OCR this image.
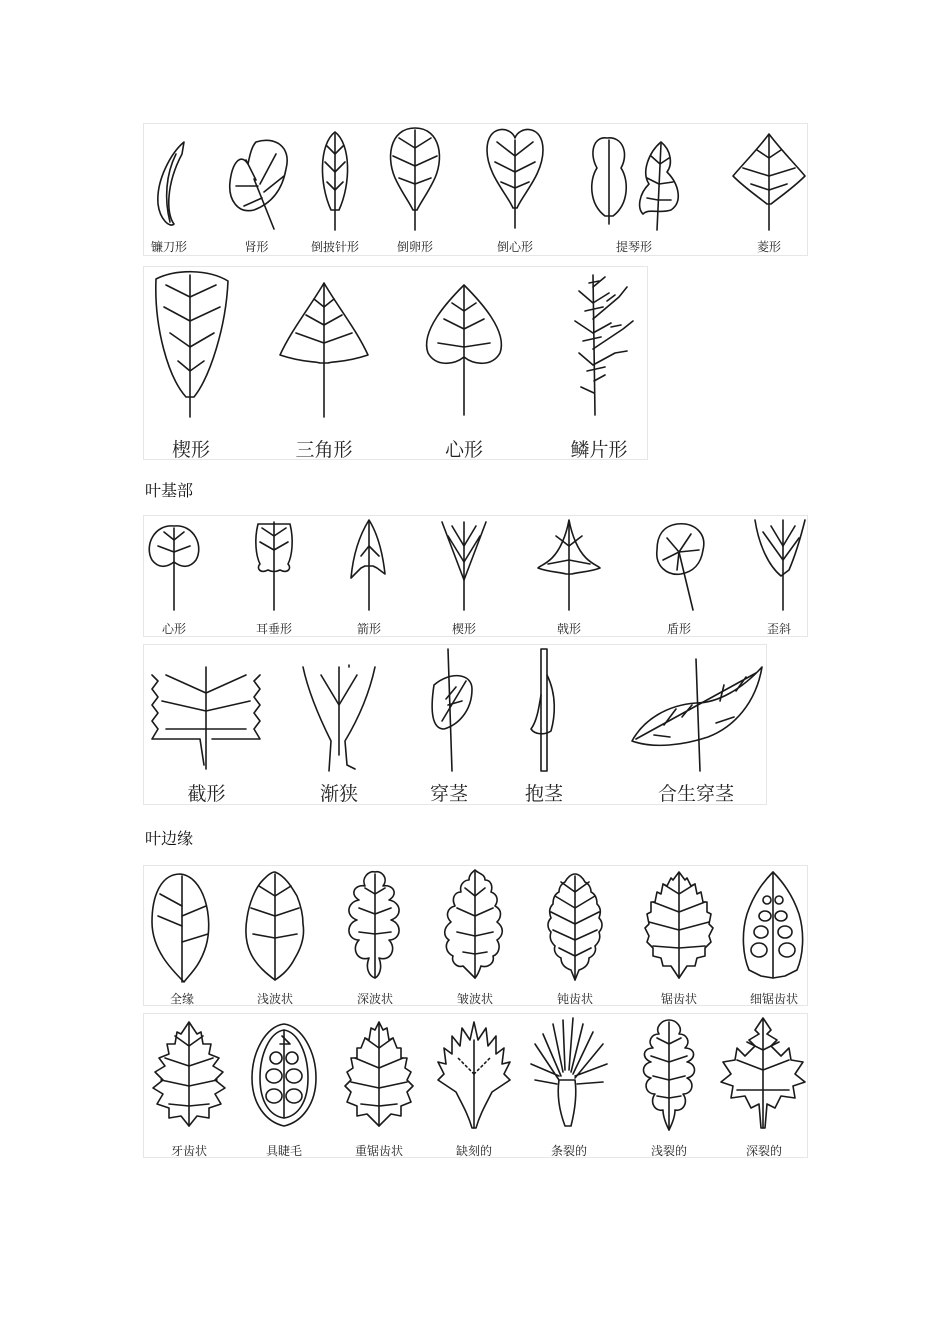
镰刀形	肾形	倒披针形	倒卵形	倒心形	提琴形	菱形
楔形	三角形	心形	鳞片形
叶基部
心形	耳垂形	箭形	楔形	戟形	盾形	歪斜
截形	渐狭	穿茎	抱茎	合生穿茎
叶边缘
全缘	浅波状	深波状	皱波状	钝齿状	锯齿状	细锯齿状
牙齿状	具睫毛	重锯齿状	缺刻的	条裂的	浅裂的	深裂的
